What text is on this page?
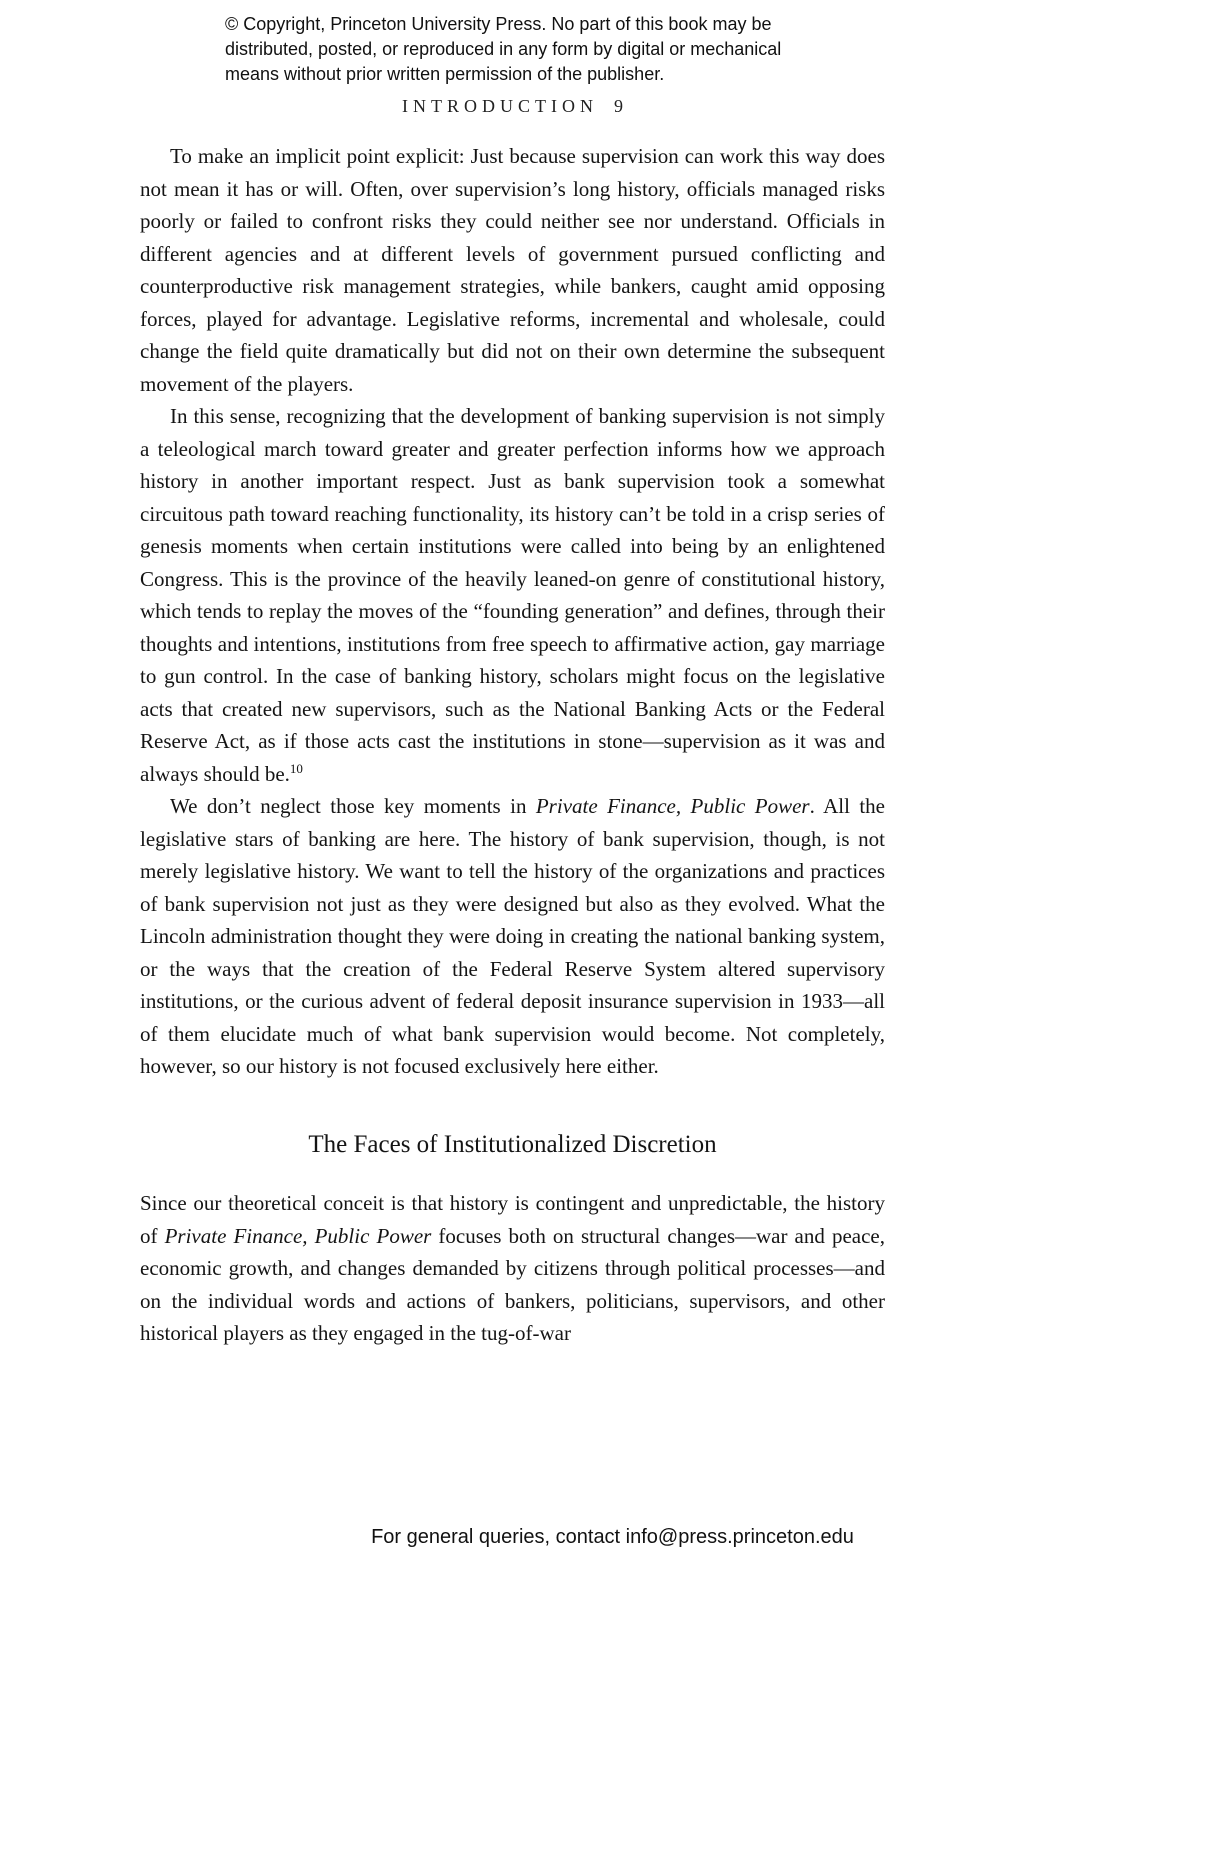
© Copyright, Princeton University Press. No part of this book may be
distributed, posted, or reproduced in any form by digital or mechanical
means without prior written permission of the publisher.
INTRODUCTION 9

To make an implicit point explicit: Just because supervision can work this way does not mean it has or will. Often, over supervision’s long history, officials managed risks poorly or failed to confront risks they could neither see nor understand. Officials in different agencies and at different levels of government pursued conflicting and counterproductive risk management strategies, while bankers, caught amid opposing forces, played for advantage. Legislative reforms, incremental and wholesale, could change the field quite dramatically but did not on their own determine the subsequent movement of the players.

In this sense, recognizing that the development of banking supervision is not simply a teleological march toward greater and greater perfection informs how we approach history in another important respect. Just as bank supervision took a somewhat circuitous path toward reaching functionality, its history can’t be told in a crisp series of genesis moments when certain institutions were called into being by an enlightened Congress. This is the province of the heavily leaned-on genre of constitutional history, which tends to replay the moves of the “founding generation” and defines, through their thoughts and intentions, institutions from free speech to affirmative action, gay marriage to gun control. In the case of banking history, scholars might focus on the legislative acts that created new supervisors, such as the National Banking Acts or the Federal Reserve Act, as if those acts cast the institutions in stone—supervision as it was and always should be.$^{10}$

We don’t neglect those key moments in Private Finance, Public Power. All the legislative stars of banking are here. The history of bank supervision, though, is not merely legislative history. We want to tell the history of the organizations and practices of bank supervision not just as they were designed but also as they evolved. What the Lincoln administration thought they were doing in creating the national banking system, or the ways that the creation of the Federal Reserve System altered supervisory institutions, or the curious advent of federal deposit insurance supervision in 1933—all of them elucidate much of what bank supervision would become. Not completely, however, so our history is not focused exclusively here either.

The Faces of Institutionalized Discretion

Since our theoretical conceit is that history is contingent and unpredictable, the history of Private Finance, Public Power focuses both on structural changes—war and peace, economic growth, and changes demanded by citizens through political processes—and on the individual words and actions of bankers, politicians, supervisors, and other historical players as they engaged in the tug-of-war

For general queries, contact info@press.princeton.edu
